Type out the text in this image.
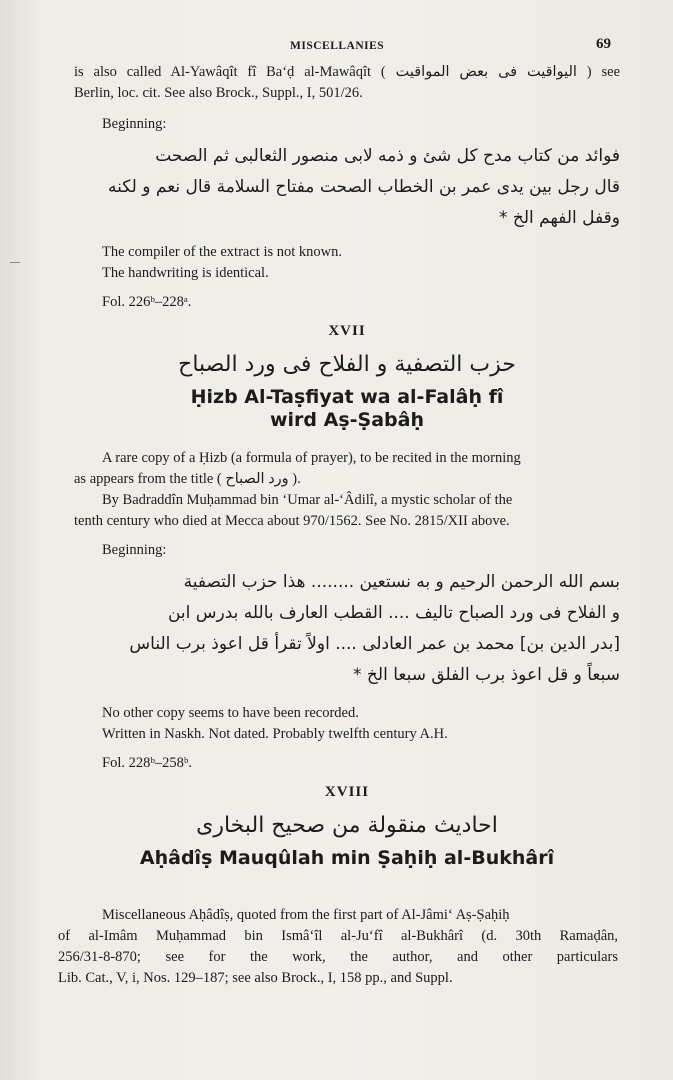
MISCELLANIES	69

is also called Al-Yawâqît fî Ba‘ḍ al-Mawâqît ( اليواقيت فى بعض المواقيت ) see

Berlin, loc. cit. See also Brock., Suppl., I, 501/26.

Beginning:

فوائد من كتاب مدح كل شئ و ذمه لابى منصور الثعالبى ثم الصحت

قال رجل بين يدى عمر بن الخطاب الصحت مفتاح السلامة قال نعم و لكنه

وقفل الفهم الخ *

The compiler of the extract is not known.

The handwriting is identical.

Fol. 226ᵇ–228ᵃ.

XVII

حزب التصفية و الفلاح فى ورد الصباح

Ḥizb Al-Taṣfiyat wa al-Falâḥ fî

wird Aṣ-Ṣabâḥ

A rare copy of a Ḥizb (a formula of prayer), to be recited in the morning

as appears from the title ( ورد الصباح ).

By Badraddîn Muḥammad bin ‘Umar al-‘Âdilî, a mystic scholar of the

tenth century who died at Mecca about 970/1562. See No. 2815/XII above.

Beginning:

بسم الله الرحمن الرحيم و به نستعين ........ هذا حزب التصفية

و الفلاح فى ورد الصباح تاليف .... القطب العارف بالله بدرس ابن

[بدر الدين بن] محمد بن عمر العادلى .... اولاً تقرأ قل اعوذ برب الناس

سبعاً و قل اعوذ برب الفلق سبعا الخ *

No other copy seems to have been recorded.

Written in Naskh. Not dated. Probably twelfth century A.H.

Fol. 228ᵇ–258ᵇ.

XVIII

احاديث منقولة من صحيح البخارى

Aḥâdîṣ Mauqûlah min Ṣaḥiḥ al-Bukhârî

Miscellaneous Aḥâdîṣ, quoted from the first part of Al-Jâmi‘ Aṣ-Ṣaḥiḥ

of al-Imâm Muḥammad bin Ismâ‘îl al-Ju‘fî al-Bukhârî (d. 30th Ramaḍân,

256/31-8-870; see for the work, the author, and other particulars

Lib. Cat., V, i, Nos. 129–187; see also Brock., I, 158 pp., and Suppl.
